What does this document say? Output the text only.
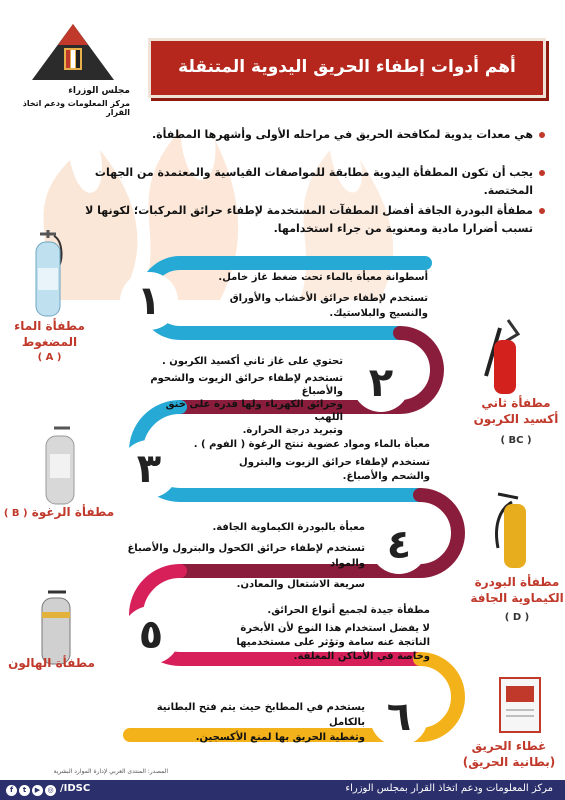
مجلس الوزراء
مركز المعلومات ودعم اتخاذ القرار
أهم أدوات إطفاء الحريق اليدوية المتنقلة
هي معدات يدوية لمكافحة الحريق في مراحله الأولى وأشهرها المطفأة.
يجب أن تكون المطفأة اليدوية مطابقة للمواصفات القياسية والمعتمدة من الجهات المختصة.
مطفأة البودرة الجافة أفضل المطفآت المستخدمة لإطفاء حرائق المركبات؛ لكونها لا تسبب أضرارا مادية ومعنوية من جراء استخدامها.
١
٢
٣
٤
٥
٦
أسطوانة معبأة بالماء تحت ضغط غاز خامل.
تستخدم لإطفاء حرائق الأخشاب والأوراق
والنسيج والبلاستيك.
تحتوي على غاز ثاني أكسيد الكربون .
تستخدم لإطفاء حرائق الزيوت والشحوم والأصباغ
وحرائق الكهرباء ولها قدرة على خنق اللهب
وتبريد درجة الحرارة.
معبأة بالماء ومواد عضوية تنتج الرغوة ( الفوم ) .
تستخدم لإطفاء حرائق الزيوت والبترول
والشحم والأصباغ.
معبأة بالبودرة الكيماوية الجافة.
تستخدم لإطفاء حرائق الكحول والبترول والأصباغ والمواد
سريعة الاشتعال والمعادن.
مطفأة جيدة لجميع أنواع الحرائق.
لا يفضل استخدام هذا النوع لأن الأبخرة
الناتجة عنه سامة وتؤثر على مستخدميها
وخاصة في الأماكن المغلقة.
يستخدم في المطابخ حيث يتم فتح البطانية بالكامل
وتغطية الحريق بها لمنع الأكسجين.
مطفأة الماء المضغوط
( A )
مطفأة ثاني أكسيد الكربون
( BC )
مطفأة الرغوة ( B )
مطفأة البودرة الكيماوية الجافة
( D )
مطفأة الهالون
غطاء الحريق (بطانية الحريق)
المصدر: المنتدى العربي لإدارة الموارد البشرية
f	t	▶	◎ /IDSC	مركز المعلومات ودعم اتخاذ القرار بمجلس الوزراء
